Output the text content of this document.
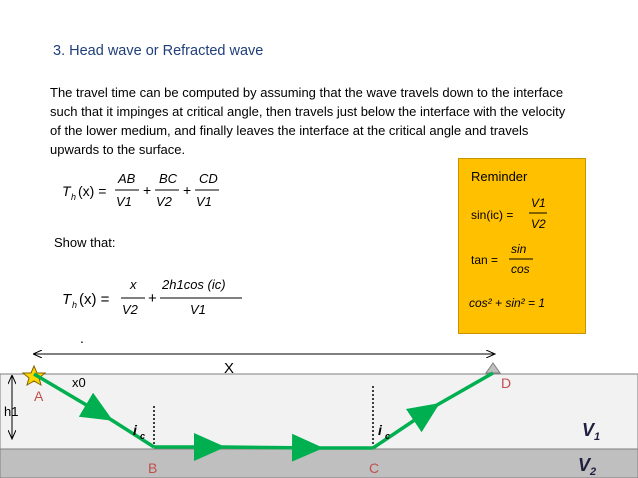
3. Head wave or Refracted wave
The travel time can be computed by assuming that the wave travels down to the interface such that it impinges at critical angle, then travels just below the interface with the velocity of the lower medium, and finally leaves the interface at the critical angle and travels upwards to the surface.
T h (x) =
AB
V1
+
BC
V2
+
CD
V1
Show that:
T h (x) =
x
V2
+
2h1cos (ic)
V1
Reminder
sin(ic) =
V1
V2
tan =
sin
cos
cos² + sin² = 1
.
X
x0
h1
i c	i c
A
B	C
D
V 1
V 2
